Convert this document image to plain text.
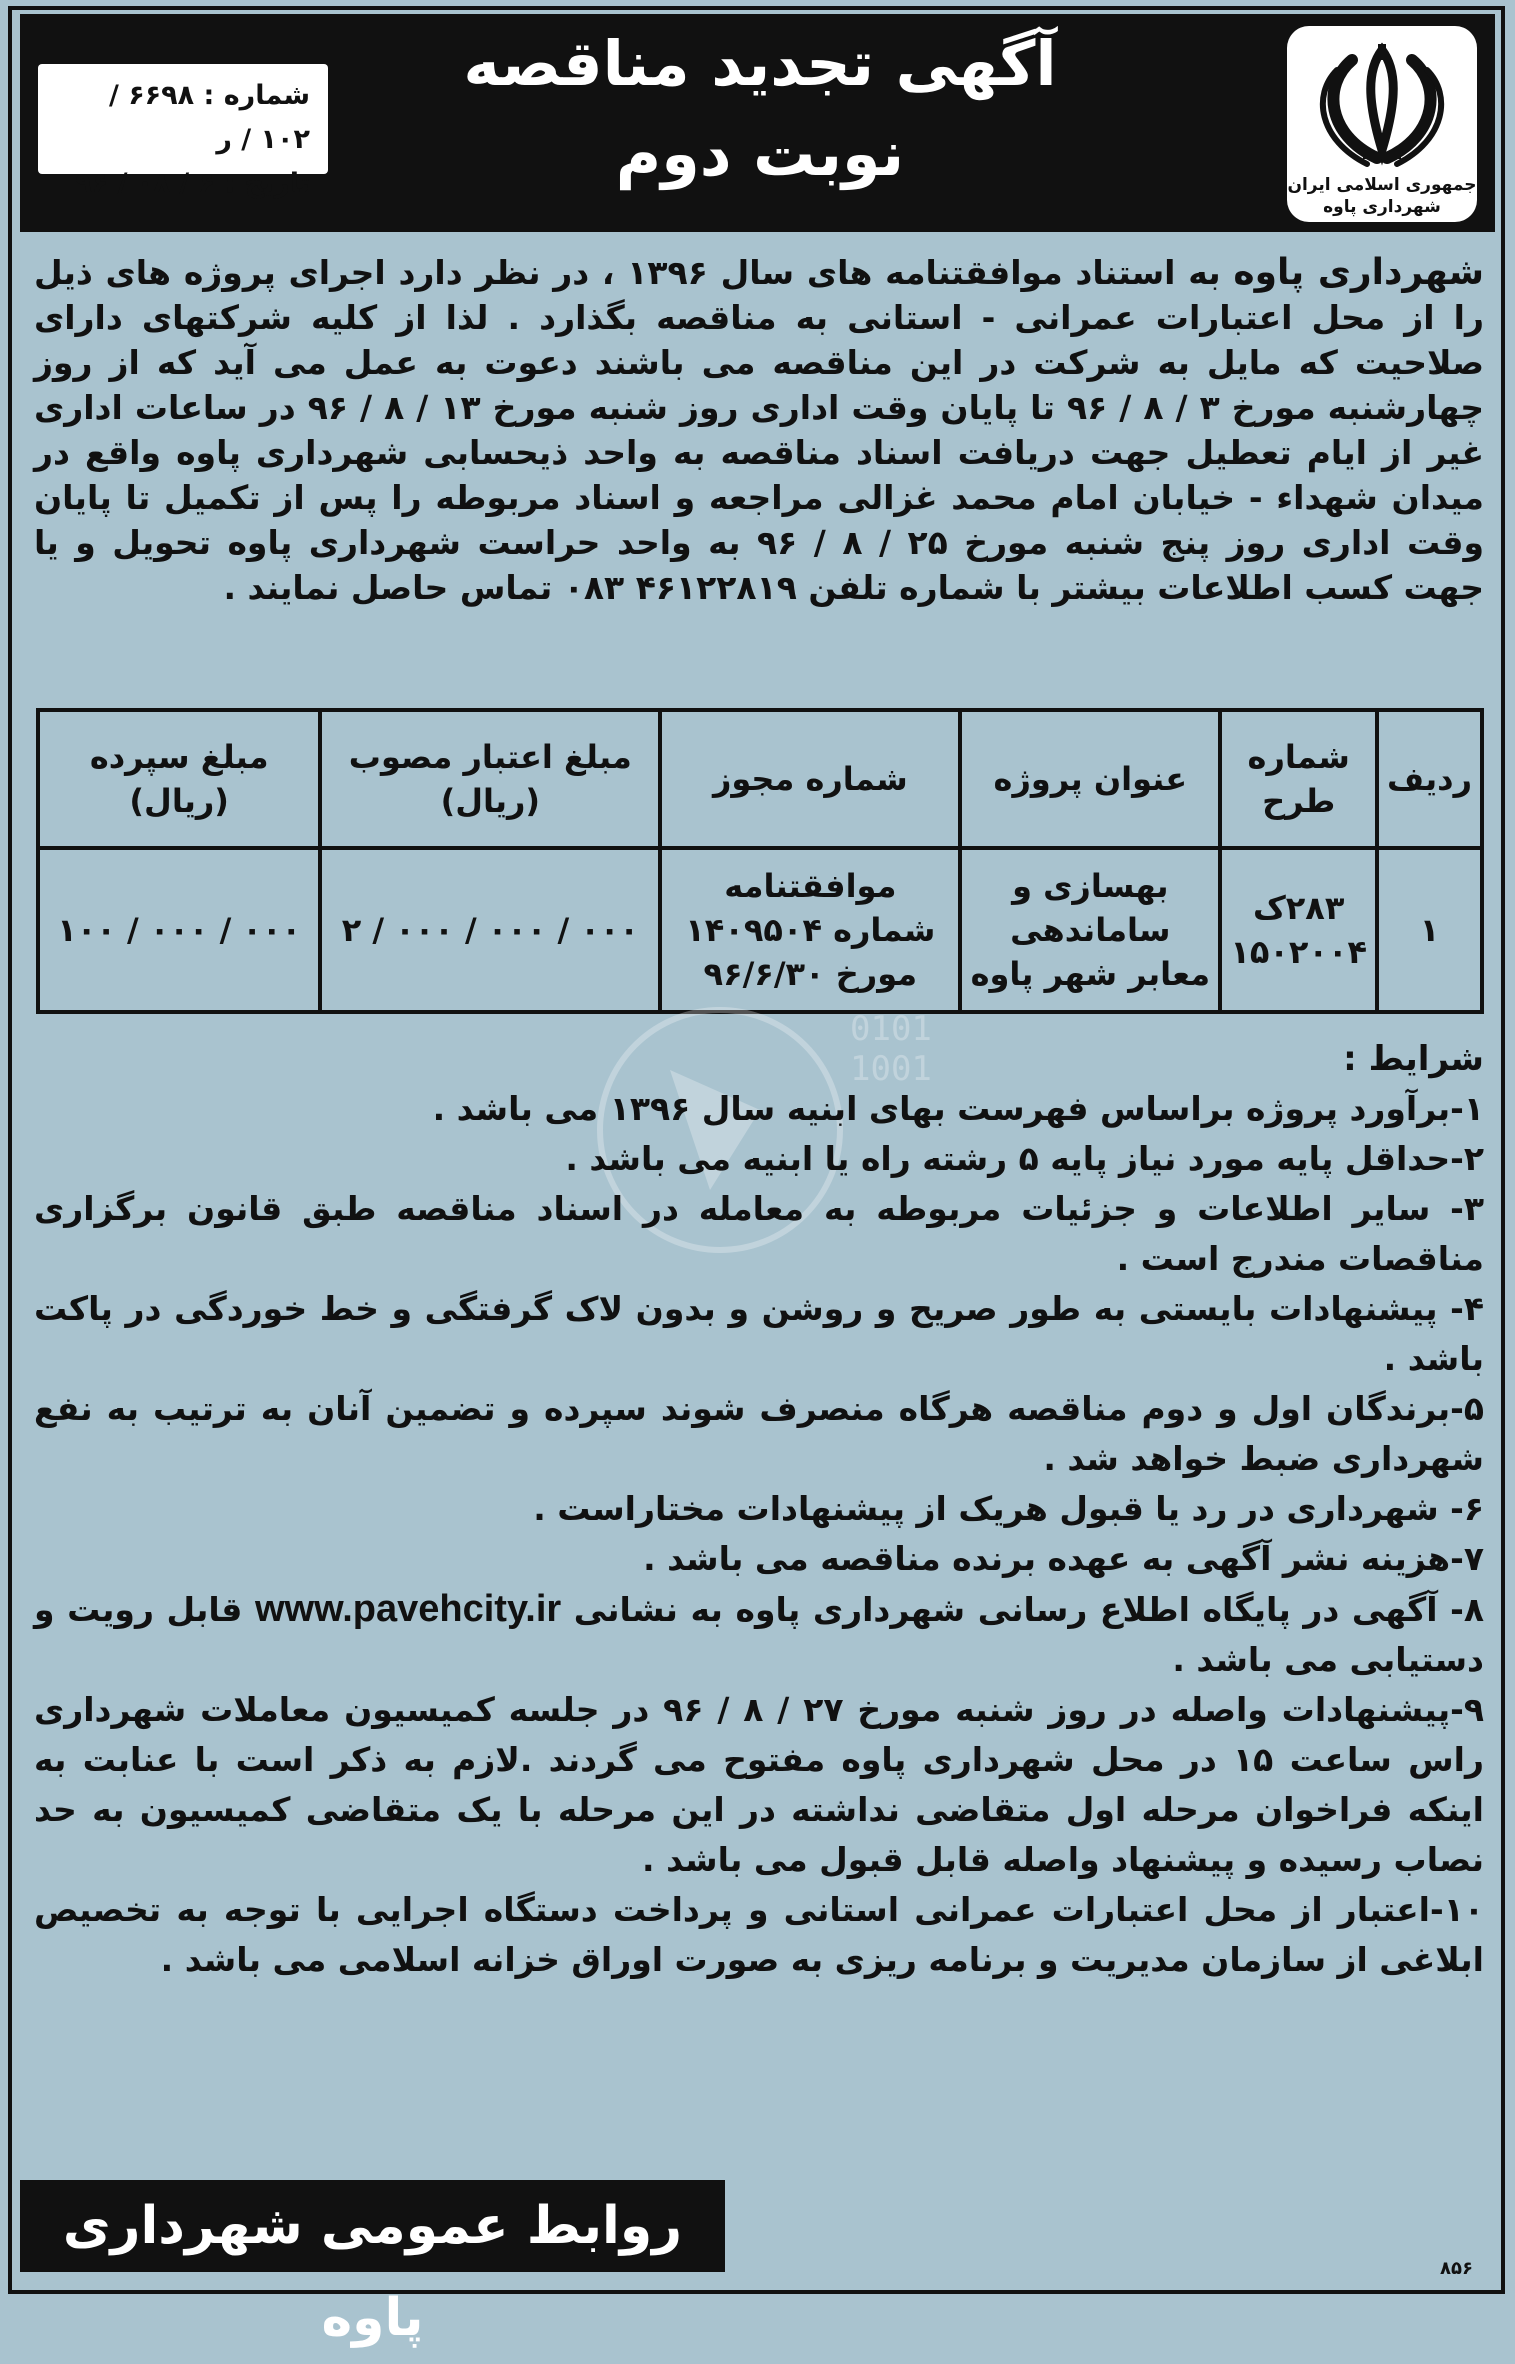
شماره : ۶۶۹۸ / ۱۰۲ / ر
تاریخ : ۶ / ۰۸ / ۹۶
آگهی تجدید مناقصه
نوبت دوم	جمهوری اسلامی ایران
شهرداری پاوه
شهرداری پاوه به استناد موافقتنامه های سال ۱۳۹۶ ، در نظر دارد اجرای پروژه های ذیل را از محل اعتبارات عمرانی - استانی به مناقصه بگذارد . لذا از کلیه شرکتهای دارای صلاحیت که مایل به شرکت در این مناقصه می باشند دعوت به عمل می آید که از روز چهارشنبه مورخ ۳ / ۸ / ۹۶ تا پایان وقت اداری روز شنبه مورخ ۱۳ / ۸ / ۹۶ در ساعات اداری غیر از ایام تعطیل جهت دریافت اسناد مناقصه به واحد ذیحسابی شهرداری پاوه واقع در میدان شهداء - خیابان امام محمد غزالی مراجعه و اسناد مربوطه را پس از تکمیل تا پایان وقت اداری روز پنج شنبه مورخ ۲۵ / ۸ / ۹۶ به واحد حراست شهرداری پاوه تحویل و یا جهت کسب اطلاعات بیشتر با شماره تلفن ۴۶۱۲۲۸۱۹ ۰۸۳ تماس حاصل نمایند .
ردیف	شماره طرح	عنوان پروژه	شماره مجوز	مبلغ اعتبار مصوب (ریال)	مبلغ سپرده (ریال)
۱	۲۸۳ک ۱۵۰۲۰۰۴	بهسازی و ساماندهی معابر شهر پاوه	موافقتنامه شماره ۱۴۰۹۵۰۴ مورخ ۹۶/۶/۳۰	۰۰۰ / ۰۰۰ / ۰۰۰ / ۲	۰۰۰ / ۰۰۰ / ۱۰۰
0101
1001	شرایط :
۱-برآورد پروژه براساس فهرست بهای ابنیه سال ۱۳۹۶ می باشد .
۲-حداقل پایه مورد نیاز پایه ۵ رشته راه یا ابنیه می باشد .
۳- سایر اطلاعات و جزئیات مربوطه به معامله در اسناد مناقصه طبق قانون برگزاری مناقصات مندرج است .
۴- پیشنهادات بایستی به طور صریح و روشن و بدون لاک گرفتگی و خط خوردگی در پاکت باشد .
۵-برندگان اول و دوم مناقصه هرگاه منصرف شوند سپرده و تضمین آنان به ترتیب به نفع شهرداری ضبط خواهد شد .
۶- شهرداری در رد یا قبول هریک از پیشنهادات مختاراست .
۷-هزینه نشر آگهی به عهده برنده مناقصه می باشد .
۸- آگهی در پایگاه اطلاع رسانی شهرداری پاوه به نشانی www.pavehcity.ir قابل رویت و دستیابی می باشد .
۹-پیشنهادات واصله در روز شنبه مورخ ۲۷ / ۸ / ۹۶ در جلسه کمیسیون معاملات شهرداری راس ساعت ۱۵ در محل شهرداری پاوه مفتوح می گردند .لازم به ذکر است با عنابت به اینکه فراخوان مرحله اول متقاضی نداشته در این مرحله با یک متقاضی کمیسیون به حد نصاب رسیده و پیشنهاد واصله قابل قبول می باشد .
۱۰-اعتبار از محل اعتبارات عمرانی استانی و پرداخت دستگاه اجرایی با توجه به تخصیص ابلاغی از سازمان مدیریت و برنامه ریزی به صورت اوراق خزانه اسلامی می باشد .
روابط عمومی شهرداری پاوه
۸۵۶
